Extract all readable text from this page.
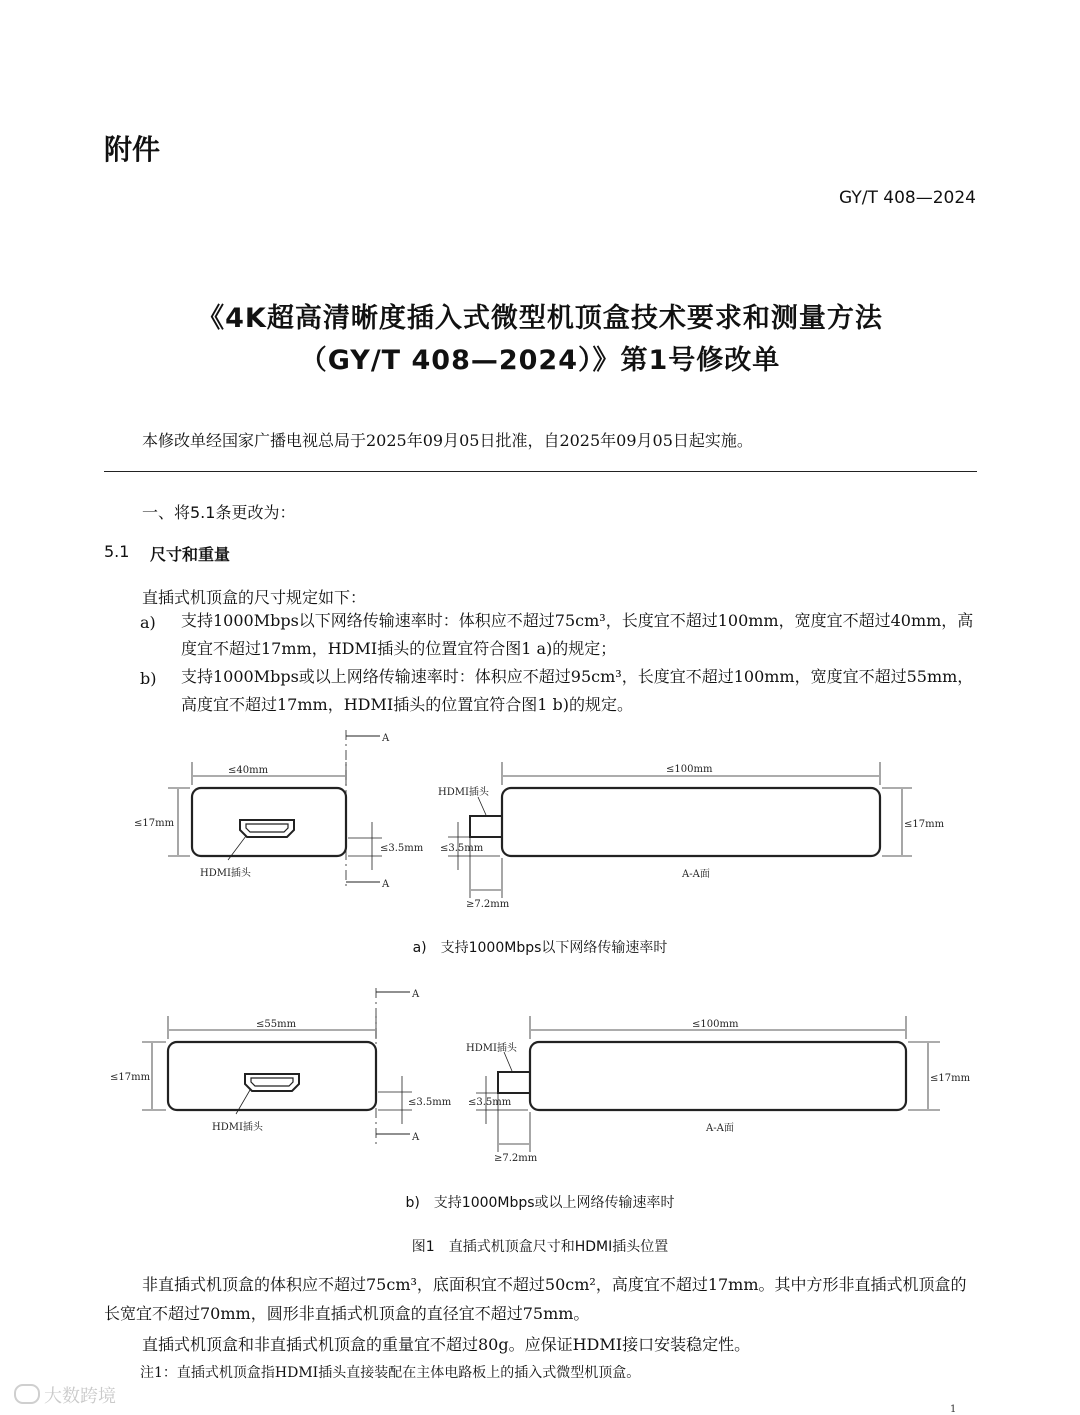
附件
GY/T 408—2024
《4K超高清晰度插入式微型机顶盒技术要求和测量方法
（GY/T 408—2024）》第1号修改单
本修改单经国家广播电视总局于2025年09月05日批准，自2025年09月05日起实施。
一、将5.1条更改为：
5.1 尺寸和重量
直插式机顶盒的尺寸规定如下：
a) 支持1000Mbps以下网络传输速率时：体积应不超过75cm³，长度宜不超过100mm，宽度宜不超过40mm，高度宜不超过17mm，HDMI插头的位置宜符合图1 a)的规定；
b) 支持1000Mbps或以上网络传输速率时：体积应不超过95cm³，长度宜不超过100mm，宽度宜不超过55mm，高度宜不超过17mm，HDMI插头的位置宜符合图1 b)的规定。
≤40mm
≤17mm
HDMI插头
≤3.5mm
A
A
≤100mm
≤17mm
HDMI插头
≤3.5mm
≥7.2mm
A-A面
a)　支持1000Mbps以下网络传输速率时
≤55mm
≤17mm
HDMI插头
≤3.5mm
A
A
≤100mm
≤17mm
HDMI插头
≤3.5mm
≥7.2mm
A-A面
b)　支持1000Mbps或以上网络传输速率时
图1　直插式机顶盒尺寸和HDMI插头位置
非直插式机顶盒的体积应不超过75cm³，底面积宜不超过50cm²，高度宜不超过17mm。其中方形非直插式机顶盒的长宽宜不超过70mm，圆形非直插式机顶盒的直径宜不超过75mm。
直插式机顶盒和非直插式机顶盒的重量宜不超过80g。应保证HDMI接口安装稳定性。
注1：直插式机顶盒指HDMI插头直接装配在主体电路板上的插入式微型机顶盒。
大数跨境
1
